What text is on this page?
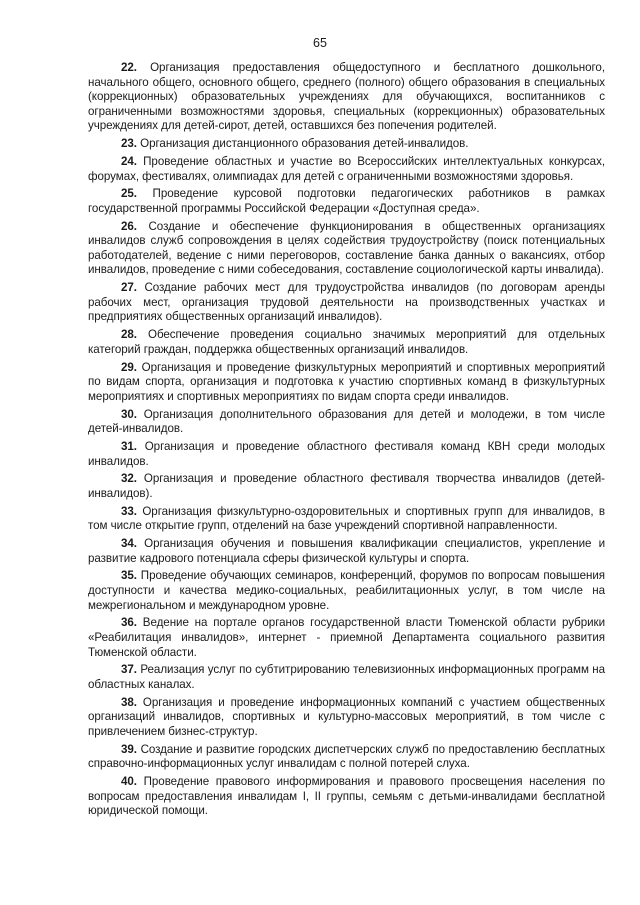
65

22. Организация предоставления общедоступного и бесплатного дошкольного, начального общего, основного общего, среднего (полного) общего образования в специальных (коррекционных) образовательных учреждениях для обучающихся, воспитанников с ограниченными возможностями здоровья, специальных (коррекционных) образовательных учреждениях для детей-сирот, детей, оставшихся без попечения родителей.

23. Организация дистанционного образования детей-инвалидов.

24. Проведение областных и участие во Всероссийских интеллектуальных конкурсах, форумах, фестивалях, олимпиадах для детей с ограниченными возможностями здоровья.

25. Проведение курсовой подготовки педагогических работников в рамках государственной программы Российской Федерации «Доступная среда».

26. Создание и обеспечение функционирования в общественных организациях инвалидов служб сопровождения в целях содействия трудоустройству (поиск потенциальных работодателей, ведение с ними переговоров, составление банка данных о вакансиях, отбор инвалидов, проведение с ними собеседования, составление социологической карты инвалида).

27. Создание рабочих мест для трудоустройства инвалидов (по договорам аренды рабочих мест, организация трудовой деятельности на производственных участках и предприятиях общественных организаций инвалидов).

28. Обеспечение проведения социально значимых мероприятий для отдельных категорий граждан, поддержка общественных организаций инвалидов.

29. Организация и проведение физкультурных мероприятий и спортивных мероприятий по видам спорта, организация и подготовка к участию спортивных команд в физкультурных мероприятиях и спортивных мероприятиях по видам спорта среди инвалидов.

30. Организация дополнительного образования для детей и молодежи, в том числе детей-инвалидов.

31. Организация и проведение областного фестиваля команд КВН среди молодых инвалидов.

32. Организация и проведение областного фестиваля творчества инвалидов (детей-инвалидов).

33. Организация физкультурно-оздоровительных и спортивных групп для инвалидов, в том числе открытие групп, отделений на базе учреждений спортивной направленности.

34. Организация обучения и повышения квалификации специалистов, укрепление и развитие кадрового потенциала сферы физической культуры и спорта.

35. Проведение обучающих семинаров, конференций, форумов по вопросам повышения доступности и качества медико-социальных, реабилитационных услуг, в том числе на межрегиональном и международном уровне.

36. Ведение на портале органов государственной власти Тюменской области рубрики «Реабилитация инвалидов», интернет - приемной Департамента социального развития Тюменской области.

37. Реализация услуг по субтитрированию телевизионных информационных программ на областных каналах.

38. Организация и проведение информационных компаний с участием общественных организаций инвалидов, спортивных и культурно-массовых мероприятий, в том числе с привлечением бизнес-структур.

39. Создание и развитие городских диспетчерских служб по предоставлению бесплатных справочно-информационных услуг инвалидам с полной потерей слуха.

40. Проведение правового информирования и правового просвещения населения по вопросам предоставления инвалидам I, II группы, семьям с детьми-инвалидами бесплатной юридической помощи.
